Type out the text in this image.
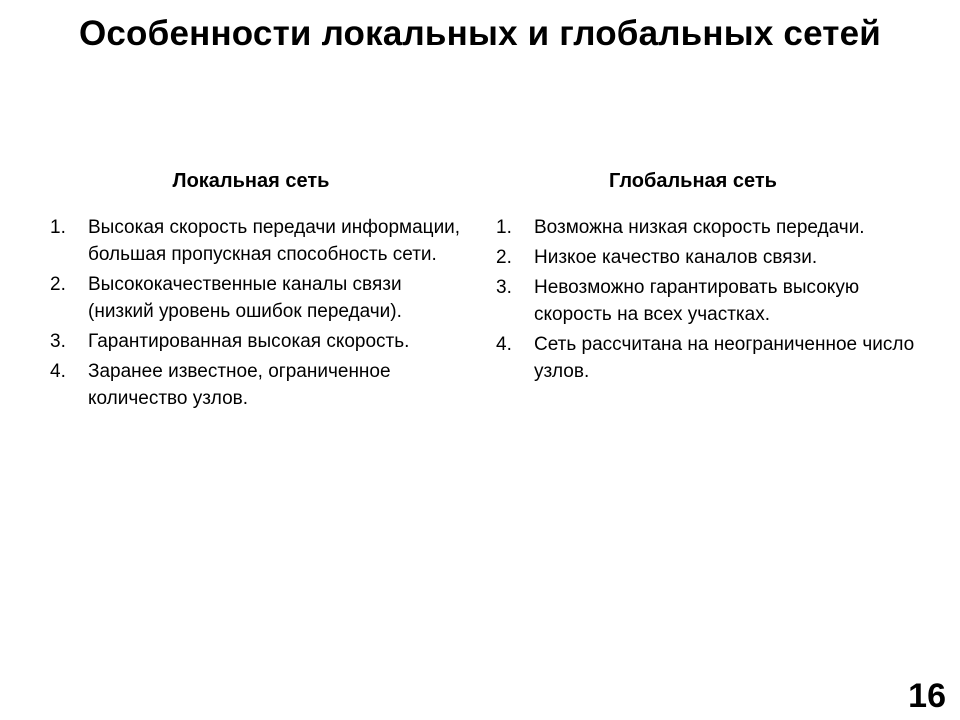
Особенности локальных и глобальных сетей
Локальная сеть
1. Высокая скорость передачи информации, большая пропускная способность сети.
2. Высококачественные каналы связи (низкий уровень ошибок передачи).
3. Гарантированная высокая скорость.
4. Заранее известное, ограниченное количество узлов.
Глобальная сеть
1. Возможна низкая скорость передачи.
2. Низкое качество каналов связи.
3. Невозможно гарантировать высокую скорость на всех участках.
4. Сеть рассчитана на неограниченное число узлов.
16
